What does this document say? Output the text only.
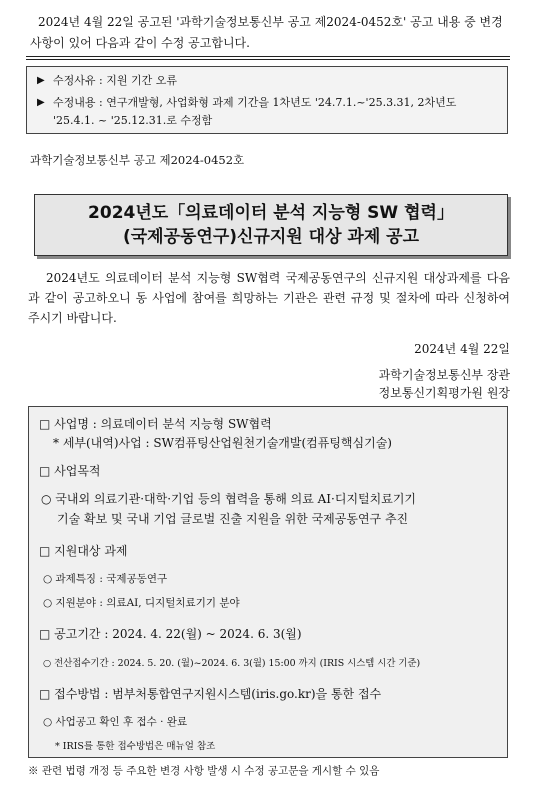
2024년 4월 22일 공고된 '과학기술정보통신부 공고 제2024-0452호' 공고 내용 중 변경 사항이 있어 다음과 같이 수정 공고합니다.
▶ 수정사유 : 지원 기간 오류
▶ 수정내용 : 연구개발형, 사업화형 과제 기간을 1차년도 '24.7.1.~'25.3.31, 2차년도 '25.4.1. ~ '25.12.31.로 수정함
과학기술정보통신부 공고 제2024-0452호
2024년도「의료데이터 분석 지능형 SW 협력」
(국제공동연구)신규지원 대상 과제 공고
2024년도 의료데이터 분석 지능형 SW협력 국제공동연구의 신규지원 대상과제를 다음과 같이 공고하오니 동 사업에 참여를 희망하는 기관은 관련 규정 및 절차에 따라 신청하여 주시기 바랍니다.
2024년 4월 22일
과학기술정보통신부 장관
정보통신기획평가원 원장
□ 사업명 : 의료데이터 분석 지능형 SW협력
* 세부(내역)사업 : SW컴퓨팅산업원천기술개발(컴퓨팅핵심기술)
□ 사업목적
○ 국내외 의료기관·대학·기업 등의 협력을 통해 의료 AI·디지털치료기기
기술 확보 및 국내 기업 글로벌 진출 지원을 위한 국제공동연구 추진
□ 지원대상 과제
○ 과제특징 : 국제공동연구
○ 지원분야 : 의료AI, 디지털치료기기 분야
□ 공고기간 : 2024. 4. 22(월) ~ 2024. 6. 3(월)
○ 전산접수기간 : 2024. 5. 20. (월)~2024. 6. 3(월) 15:00 까지 (IRIS 시스템 시간 기준)
□ 접수방법 : 범부처통합연구지원시스템(iris.go.kr)을 통한 접수
○ 사업공고 확인 후 접수 · 완료
* IRIS를 통한 접수방법은 매뉴얼 참조
※ 관련 법령 개정 등 주요한 변경 사항 발생 시 수정 공고문을 게시할 수 있음
